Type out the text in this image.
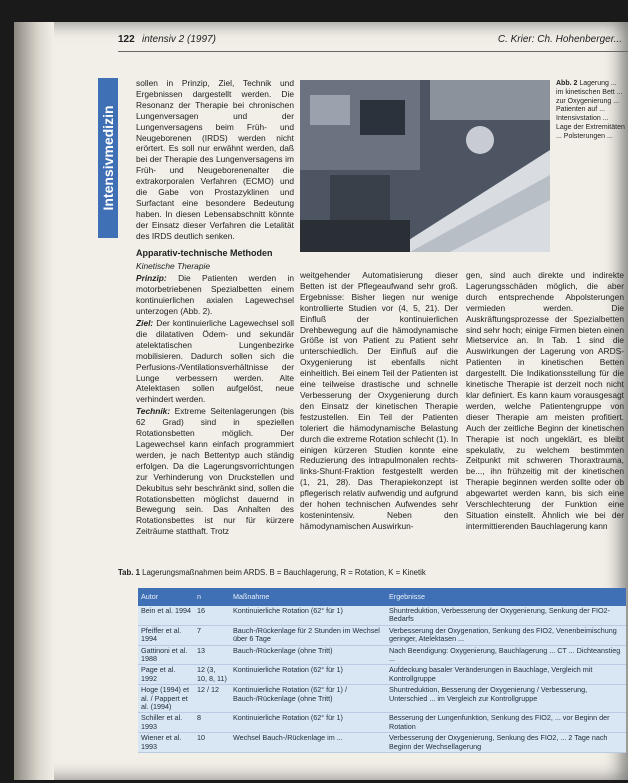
122 intensiv 2 (1997)	C. Krier: Ch. Hohenberger...
Intensivmedizin

sollen in Prinzip, Ziel, Technik und Ergebnissen dargestellt werden. Die Resonanz der Therapie bei chronischen Lungenversagen und der Lungenversagens beim Früh- und Neugeborenen (IRDS) werden nicht erörtert. Es soll nur erwähnt werden, daß bei der Therapie des Lungenversagens im Früh- und Neugeborenenalter die extrakorporalen Verfahren (ECMO) und die Gabe von Prostazyklinen und Surfactant eine besondere Bedeutung haben. In diesen Lebensabschnitt könnte der Einsatz dieser Verfahren die Letalität des IRDS deutlich senken.

Apparativ-technische Methoden
Kinetische Therapie

Prinzip: Die Patienten werden in motorbetriebenen Spezialbetten einem kontinuierlichen axialen Lagewechsel unterzogen (Abb. 2).

Ziel: Der kontinuierliche Lagewechsel soll die dilatativen Ödem- und sekundär atelektatischen Lungenbezirke mobilisieren. Dadurch sollen sich die Perfusions-/Ventilationsverhältnisse der Lunge verbessern werden. Alte Atelektasen sollen aufgelöst, neue verhindert werden.

Technik: Extreme Seitenlagerungen (bis 62 Grad) sind in speziellen Rotationsbetten möglich. Der Lagewechsel kann einfach programmiert werden, je nach Bettentyp auch ständig erfolgen. Da die Lagerungsvorrichtungen zur Verhinderung von Druckstellen und Dekubitus sehr beschränkt sind, sollen die Rotationsbetten möglichst dauernd in Bewegung sein. Das Anhalten des Rotationsbettes ist nur für kürzere Zeiträume statthaft. Trotz

Abb. 2 Lagerung ... im kinetischen Bett ... zur Oxygenierung ... Patienten auf ... Intensivstation ... Lage der Extremitäten ... Polsterungen ...

weitgehender Automatisierung dieser Betten ist der Pflegeaufwand sehr groß. Ergebnisse: Bisher liegen nur wenige kontrollierte Studien vor (4, 5, 21). Der Einfluß der kontinuierlichen Drehbewegung auf die hämodynamische Größe ist von Patient zu Patient sehr unterschiedlich. Der Einfluß auf die Oxygenierung ist ebenfalls nicht einheitlich. Bei einem Teil der Patienten ist eine teilweise drastische und schnelle Verbesserung der Oxygenierung durch den Einsatz der kinetischen Therapie festzustellen. Ein Teil der Patienten toleriert die hämodynamische Belastung durch die extreme Rotation schlecht (1). In einigen kürzeren Studien konnte eine Reduzierung des intrapulmonalen rechts-links-Shunt-Fraktion festgestellt werden (1, 21, 28). Das Therapiekonzept ist pflegerisch relativ aufwendig und aufgrund der hohen technischen Aufwendes sehr kostenintensiv. Neben den hämodynamischen Auswirkun-

gen, sind auch direkte und indirekte Lagerungsschäden möglich, die aber durch entsprechende Abpolsterungen vermieden werden. Die Auskräftungsprozesse der Spezialbetten sind sehr hoch; einige Firmen bieten einen Mietservice an. In Tab. 1 sind die Auswirkungen der Lagerung von ARDS-Patienten in kinetischen Betten dargestellt. Die Indikationsstellung für die kinetische Therapie ist derzeit noch nicht klar definiert. Es kann kaum vorausgesagt werden, welche Patientengruppe von dieser Therapie am meisten profitiert. Auch der zeitliche Beginn der kinetischen Therapie ist noch ungeklärt, es bleibt spekulativ, zu welchem bestimmten Zeitpunkt mit schweren Thoraxtrauma, be..., ihn frühzeitig mit der kinetischen Therapie beginnen werden sollte oder ob abgewartet werden kann, bis sich eine Verschlechterung der Funktion eine Situation einstellt. Ähnlich wie bei der intermittierenden Bauchlagerung kann

Tab. 1 Lagerungsmaßnahmen beim ARDS. B = Bauchlagerung, R = Rotation, K = Kinetik
Autor	n	Maßnahme	Ergebnisse
Bein et al. 1994	16	Kontinuierliche Rotation (62° für 1)	Shuntreduktion, Verbesserung der Oxygenierung, Senkung der FIO2-Bedarfs
Pfeiffer et al. 1994	7	Bauch-/Rückenlage für 2 Stunden im Wechsel über 6 Tage	Verbesserung der Oxygenation, Senkung des FIO2, Venenbeimischung geringer, Atelektasen ...
Gattinoni et al. 1988	13	Bauch-/Rückenlage (ohne Tritt)	Nach Beendigung: Oxygenierung, Bauchlagerung ... CT ... Dichteanstieg ...
Page et al. 1992	12 (3, 10, 8, 11)	Kontinuierliche Rotation (62° für 1)	Aufdeckung basaler Veränderungen in Bauchlage, Vergleich mit Kontrollgruppe
Hoge (1994) et al. / Pappert et al. (1994)	12 / 12	Kontinuierliche Rotation (62° für 1) / Bauch-/Rückenlage (ohne Tritt)	Shuntreduktion, Besserung der Oxygenierung / Verbesserung, Unterschied ... im Vergleich zur Kontrollgruppe
Schiller et al. 1993	8	Kontinuierliche Rotation (62° für 1)	Besserung der Lungenfunktion, Senkung des FIO2, ... vor Beginn der Rotation
Wiener et al. 1993	10	Wechsel Bauch-/Rückenlage im ...	Verbesserung der Oxygenierung, Senkung des FIO2, ... 2 Tage nach Beginn der Wechsellagerung
